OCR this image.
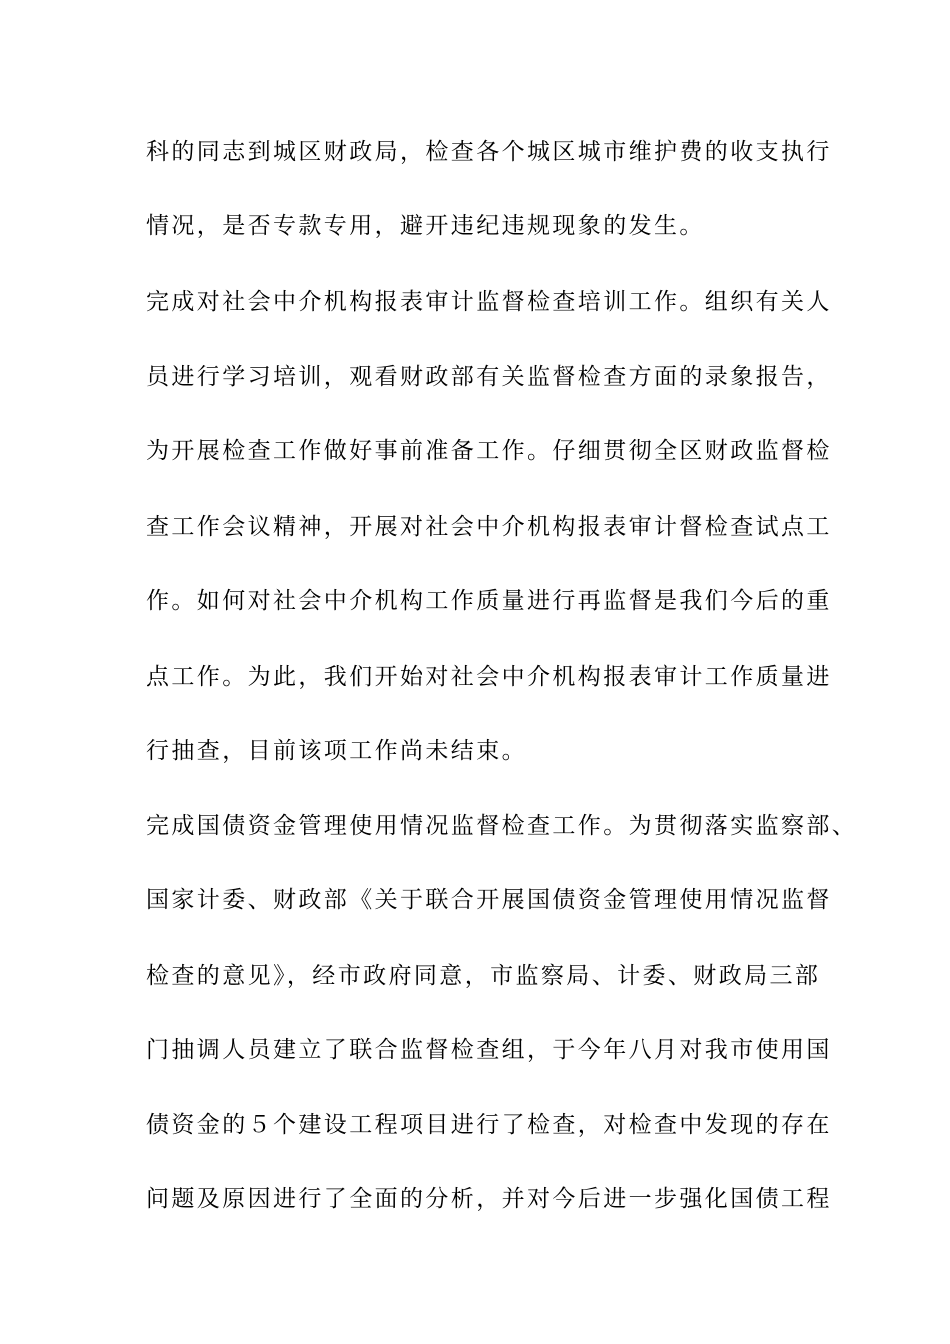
科的同志到城区财政局，检查各个城区城市维护费的收支执行
情况，是否专款专用，避开违纪违规现象的发生。
完成对社会中介机构报表审计监督检查培训工作。组织有关人
员进行学习培训，观看财政部有关监督检查方面的录象报告，
为开展检查工作做好事前准备工作。仔细贯彻全区财政监督检
查工作会议精神，开展对社会中介机构报表审计督检查试点工
作。如何对社会中介机构工作质量进行再监督是我们今后的重
点工作。为此，我们开始对社会中介机构报表审计工作质量进
行抽查，目前该项工作尚未结束。
完成国债资金管理使用情况监督检查工作。为贯彻落实监察部、
国家计委、财政部《关于联合开展国债资金管理使用情况监督
检查的意见》，经市政府同意，市监察局、计委、财政局三部
门抽调人员建立了联合监督检查组，于今年八月对我市使用国
债资金的５个建设工程项目进行了检查，对检查中发现的存在
问题及原因进行了全面的分析，并对今后进一步强化国债工程
